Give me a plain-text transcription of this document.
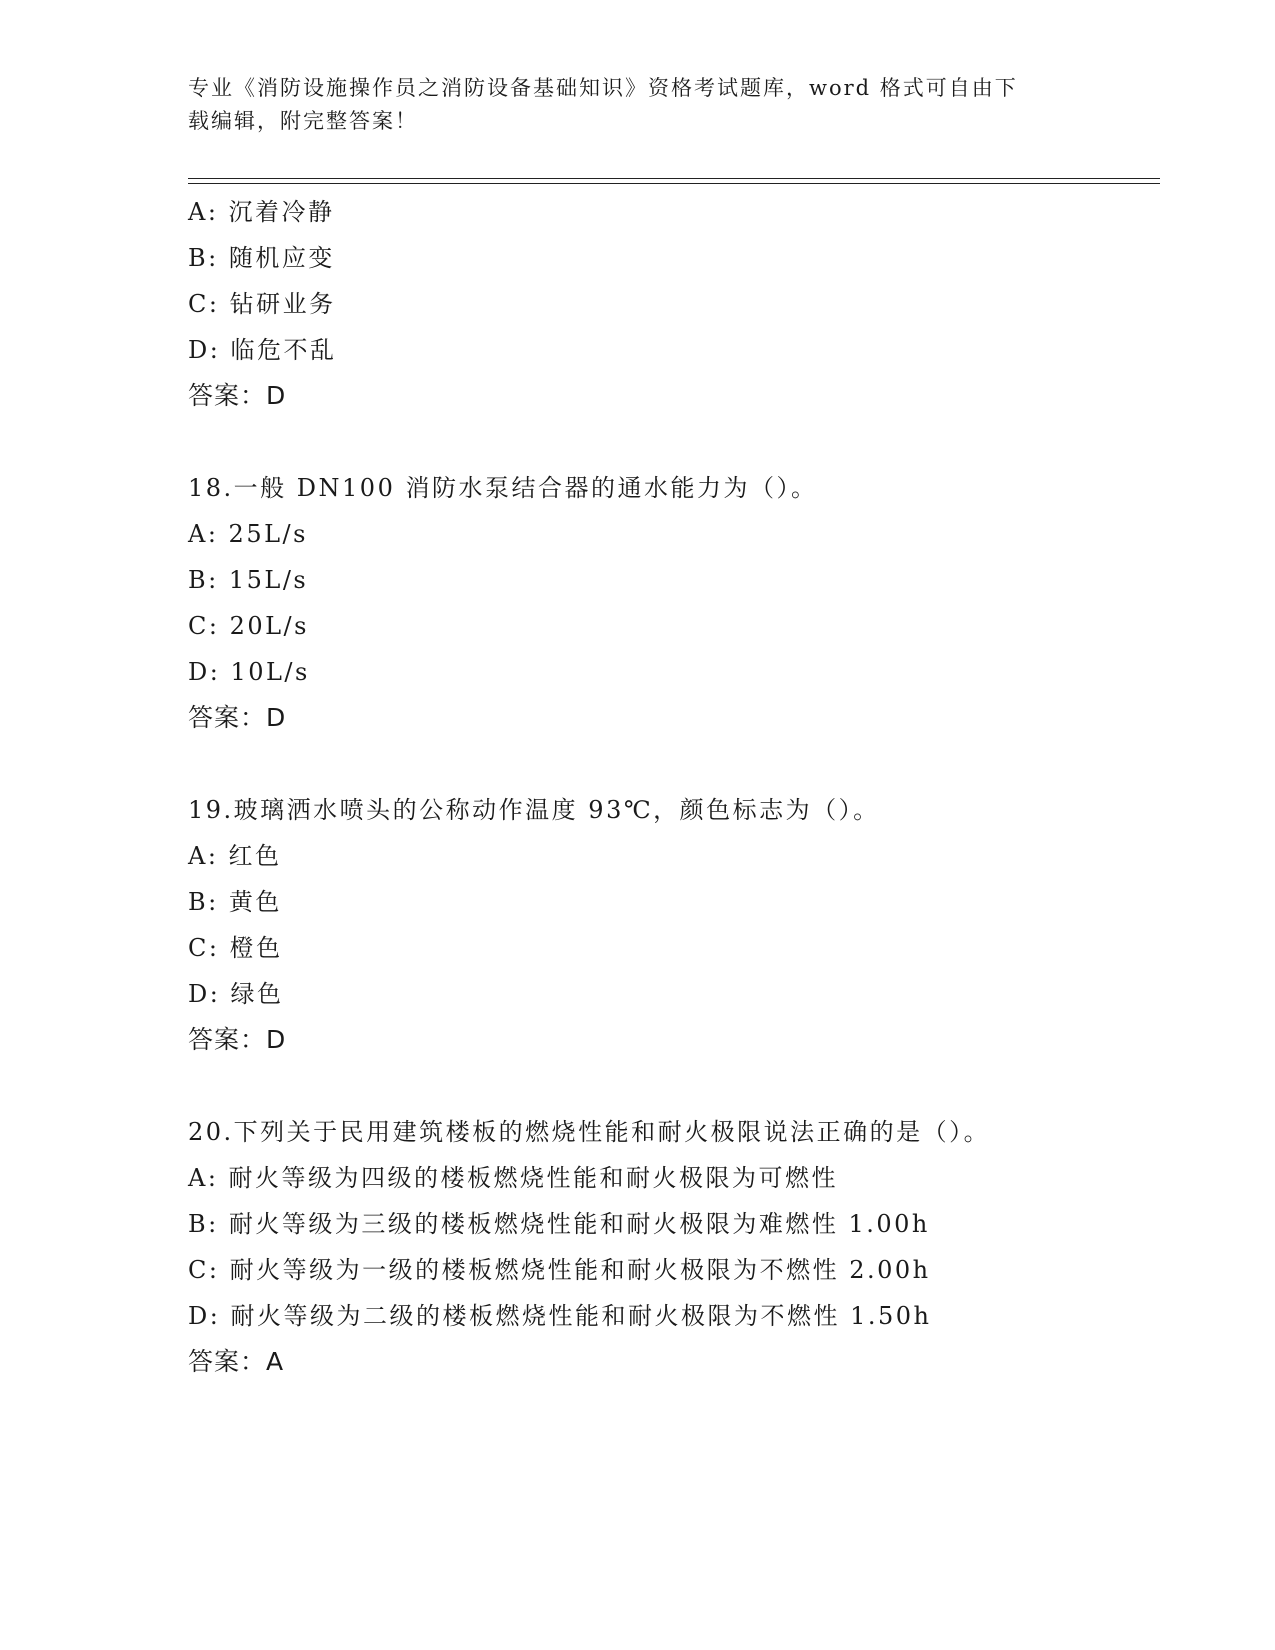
专业《消防设施操作员之消防设备基础知识》资格考试题库，word 格式可自由下
载编辑，附完整答案！
A: 沉着冷静
B: 随机应变
C: 钻研业务
D: 临危不乱
答案：D
18.一般 DN100 消防水泵结合器的通水能力为（）。
A: 25L/s
B: 15L/s
C: 20L/s
D: 10L/s
答案：D
19.玻璃洒水喷头的公称动作温度 93℃，颜色标志为（）。
A: 红色
B: 黄色
C: 橙色
D: 绿色
答案：D
20.下列关于民用建筑楼板的燃烧性能和耐火极限说法正确的是（）。
A: 耐火等级为四级的楼板燃烧性能和耐火极限为可燃性
B: 耐火等级为三级的楼板燃烧性能和耐火极限为难燃性 1.00h
C: 耐火等级为一级的楼板燃烧性能和耐火极限为不燃性 2.00h
D: 耐火等级为二级的楼板燃烧性能和耐火极限为不燃性 1.50h
答案：A
